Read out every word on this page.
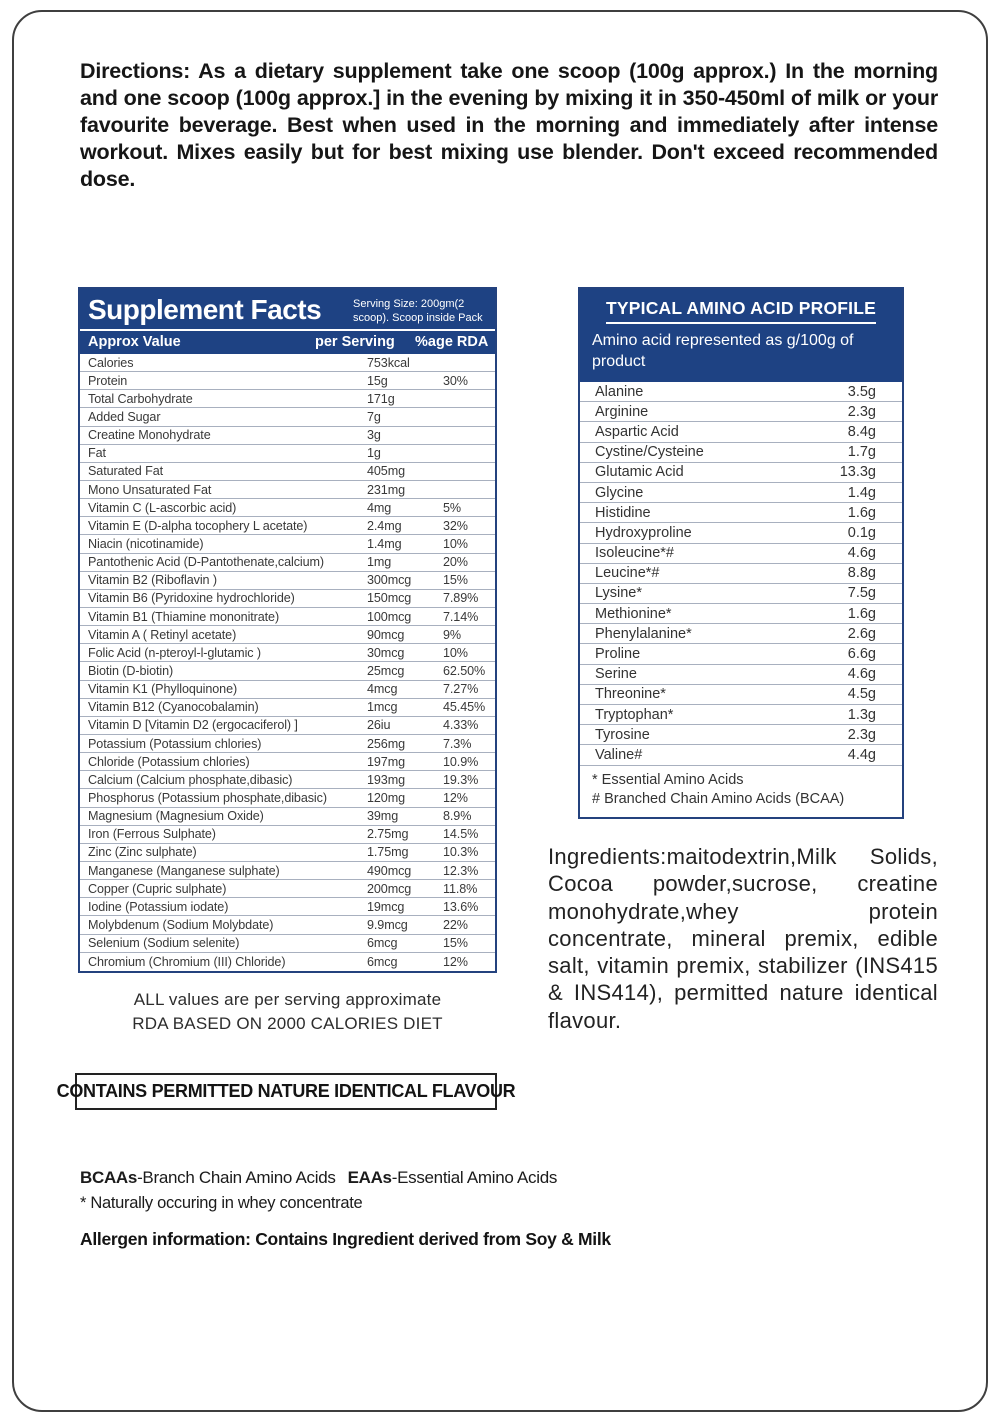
Directions: As a dietary supplement take one scoop (100g approx.) In the morning and one scoop (100g approx.] in the evening by mixing it in 350-450ml of milk or your favourite beverage. Best when used in the morning and immediately after intense workout. Mixes easily but for best mixing use blender. Don't exceed recommended dose.

Supplement Facts	Serving Size: 200gm(2 scoop). Scoop inside Pack
Approx Value	per Serving	%age RDA
Calories	753kcal
Protein	15g	30%
Total Carbohydrate	171g
Added Sugar	7g
Creatine Monohydrate	3g
Fat	1g
Saturated Fat	405mg
Mono Unsaturated Fat	231mg
Vitamin C (L-ascorbic acid)	4mg	5%
Vitamin E (D-alpha tocophery L acetate)	2.4mg	32%
Niacin (nicotinamide)	1.4mg	10%
Pantothenic Acid (D-Pantothenate,calcium)	1mg	20%
Vitamin B2 (Riboflavin )	300mcg	15%
Vitamin B6 (Pyridoxine hydrochloride)	150mcg	7.89%
Vitamin B1 (Thiamine mononitrate)	100mcg	7.14%
Vitamin A ( Retinyl acetate)	90mcg	9%
Folic Acid (n-pteroyl-l-glutamic )	30mcg	10%
Biotin (D-biotin)	25mcg	62.50%
Vitamin K1 (Phylloquinone)	4mcg	7.27%
Vitamin B12 (Cyanocobalamin)	1mcg	45.45%
Vitamin D [Vitamin D2 (ergocaciferol) ]	26iu	4.33%
Potassium (Potassium chlories)	256mg	7.3%
Chloride (Potassium chlories)	197mg	10.9%
Calcium (Calcium phosphate,dibasic)	193mg	19.3%
Phosphorus (Potassium phosphate,dibasic)	120mg	12%
Magnesium (Magnesium Oxide)	39mg	8.9%
Iron (Ferrous Sulphate)	2.75mg	14.5%
Zinc (Zinc sulphate)	1.75mg	10.3%
Manganese (Manganese sulphate)	490mcg	12.3%
Copper (Cupric sulphate)	200mcg	11.8%
Iodine (Potassium iodate)	19mcg	13.6%
Molybdenum (Sodium Molybdate)	9.9mcg	22%
Selenium (Sodium selenite)	6mcg	15%
Chromium (Chromium (III) Chloride)	6mcg	12%
TYPICAL AMINO ACID PROFILE
Amino acid represented as g/100g of product
Alanine	3.5g
Arginine	2.3g
Aspartic Acid	8.4g
Cystine/Cysteine	1.7g
Glutamic Acid	13.3g
Glycine	1.4g
Histidine	1.6g
Hydroxyproline	0.1g
Isoleucine*#	4.6g
Leucine*#	8.8g
Lysine*	7.5g
Methionine*	1.6g
Phenylalanine*	2.6g
Proline	6.6g
Serine	4.6g
Threonine*	4.5g
Tryptophan*	1.3g
Tyrosine	2.3g
Valine#	4.4g
* Essential Amino Acids
# Branched Chain Amino Acids (BCAA)

Ingredients:maitodextrin,Milk Solids, Cocoa powder,sucrose, creatine monohydrate,whey protein concentrate, mineral premix, edible salt, vitamin premix, stabilizer (INS415 & INS414), permitted nature identical flavour.

ALL values are per serving approximate
RDA BASED ON 2000 CALORIES DIET
CONTAINS PERMITTED NATURE IDENTICAL FLAVOUR
BCAAs-Branch Chain Amino Acids EAAs-Essential Amino Acids
* Naturally occuring in whey concentrate
Allergen information: Contains Ingredient derived from Soy & Milk
